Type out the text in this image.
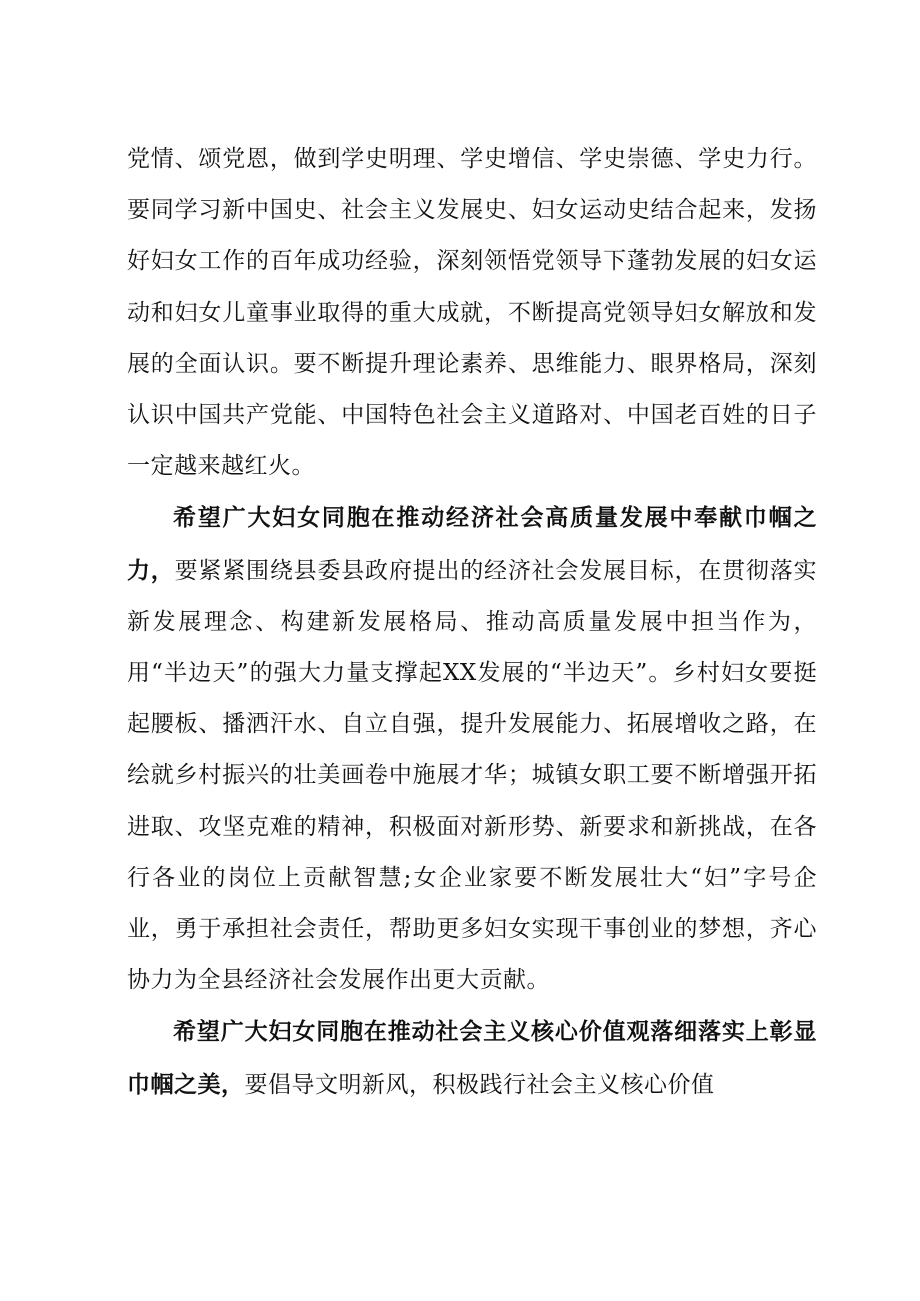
党情、颂党恩，做到学史明理、学史增信、学史崇德、学史力行。要同学习新中国史、社会主义发展史、妇女运动史结合起来，发扬好妇女工作的百年成功经验，深刻领悟党领导下蓬勃发展的妇女运动和妇女儿童事业取得的重大成就，不断提高党领导妇女解放和发展的全面认识。要不断提升理论素养、思维能力、眼界格局，深刻认识中国共产党能、中国特色社会主义道路对、中国老百姓的日子一定越来越红火。

希望广大妇女同胞在推动经济社会高质量发展中奉献巾帼之力，要紧紧围绕县委县政府提出的经济社会发展目标，在贯彻落实新发展理念、构建新发展格局、推动高质量发展中担当作为，用“半边天”的强大力量支撑起XX发展的“半边天”。乡村妇女要挺起腰板、播洒汗水、自立自强，提升发展能力、拓展增收之路，在绘就乡村振兴的壮美画卷中施展才华；城镇女职工要不断增强开拓进取、攻坚克难的精神，积极面对新形势、新要求和新挑战，在各行各业的岗位上贡献智慧;女企业家要不断发展壮大“妇”字号企业，勇于承担社会责任，帮助更多妇女实现干事创业的梦想，齐心协力为全县经济社会发展作出更大贡献。

希望广大妇女同胞在推动社会主义核心价值观落细落实上彰显巾帼之美，要倡导文明新风，积极践行社会主义核心价值
